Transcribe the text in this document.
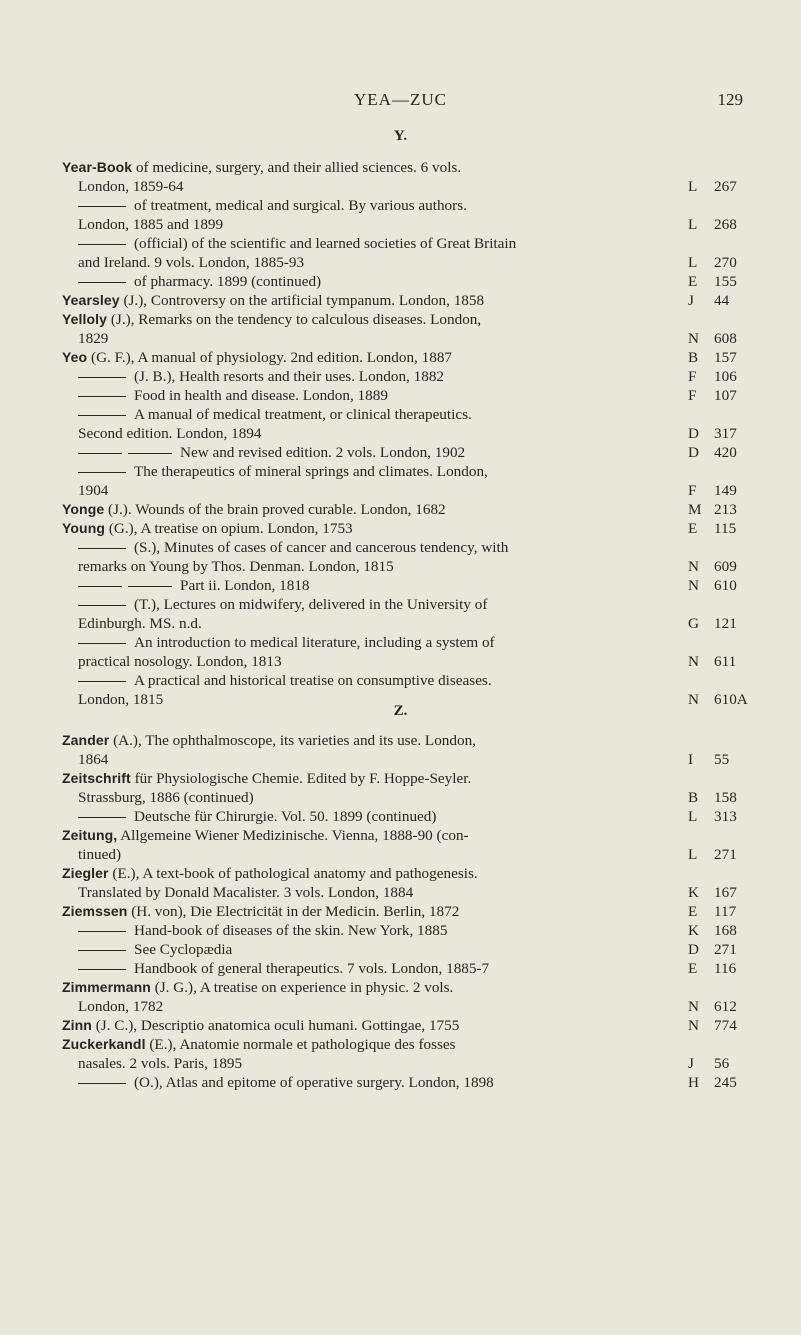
YEA—ZUC	129
Y.
Year-Book of medicine, surgery, and their allied sciences. 6 vols.
London, 1859-64	L 267
of treatment, medical and surgical. By various authors.
London, 1885 and 1899	L 268
(official) of the scientific and learned societies of Great Britain
and Ireland. 9 vols. London, 1885-93	L 270
of pharmacy. 1899 (continued)	E 155
Yearsley (J.), Controversy on the artificial tympanum. London, 1858	J 44
Yelloly (J.), Remarks on the tendency to calculous diseases. London,
1829	N 608
Yeo (G. F.), A manual of physiology. 2nd edition. London, 1887	B 157
(J. B.), Health resorts and their uses. London, 1882	F 106
Food in health and disease. London, 1889	F 107
A manual of medical treatment, or clinical therapeutics.
Second edition. London, 1894	D 317
New and revised edition. 2 vols. London, 1902	D 420
The therapeutics of mineral springs and climates. London,
1904	F 149
Yonge (J.). Wounds of the brain proved curable. London, 1682	M 213
Young (G.), A treatise on opium. London, 1753	E 115
(S.), Minutes of cases of cancer and cancerous tendency, with
remarks on Young by Thos. Denman. London, 1815	N 609
Part ii. London, 1818	N 610
(T.), Lectures on midwifery, delivered in the University of
Edinburgh. MS. n.d.	G 121
An introduction to medical literature, including a system of
practical nosology. London, 1813	N 611
A practical and historical treatise on consumptive diseases.
London, 1815	N 610A
Z.
Zander (A.), The ophthalmoscope, its varieties and its use. London,
1864	I 55
Zeitschrift für Physiologische Chemie. Edited by F. Hoppe-Seyler.
Strassburg, 1886 (continued)	B 158
Deutsche für Chirurgie. Vol. 50. 1899 (continued)	L 313
Zeitung, Allgemeine Wiener Medizinische. Vienna, 1888-90 (con-
tinued)	L 271
Ziegler (E.), A text-book of pathological anatomy and pathogenesis.
Translated by Donald Macalister. 3 vols. London, 1884	K 167
Ziemssen (H. von), Die Electricität in der Medicin. Berlin, 1872	E 117
Hand-book of diseases of the skin. New York, 1885	K 168
See Cyclopædia	D 271
Handbook of general therapeutics. 7 vols. London, 1885-7	E 116
Zimmermann (J. G.), A treatise on experience in physic. 2 vols.
London, 1782	N 612
Zinn (J. C.), Descriptio anatomica oculi humani. Gottingae, 1755	N 774
Zuckerkandl (E.), Anatomie normale et pathologique des fosses
nasales. 2 vols. Paris, 1895	J 56
(O.), Atlas and epitome of operative surgery. London, 1898	H 245
